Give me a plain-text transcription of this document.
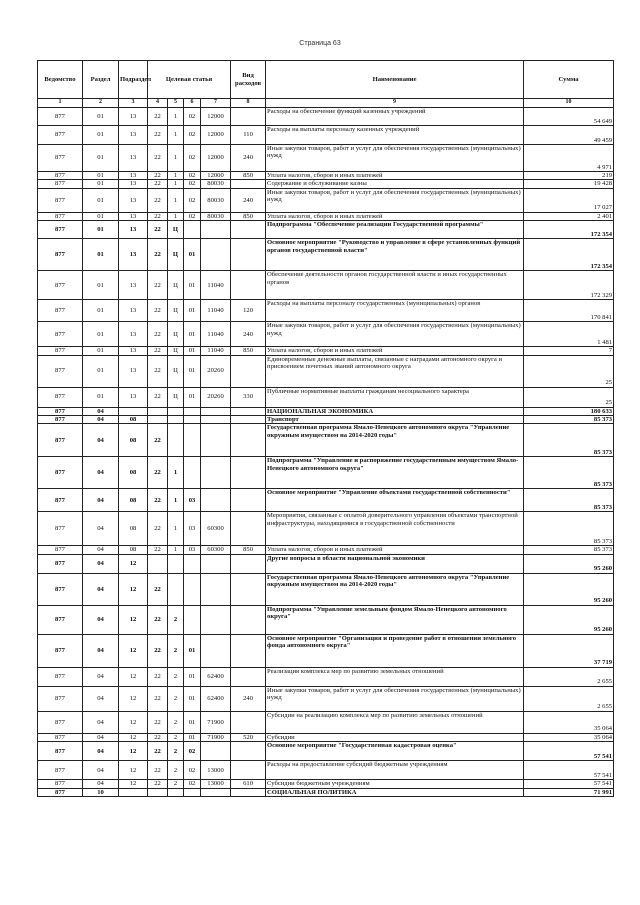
Страница 63
Ведомство	Раздел	Подраздел	Целевая статья				Вид расходов	Наименование	Сумма
1	2	3	4	5	6	7	8	9	10
877	01	13	22	1	02	12000		Расходы на обеспечение функций казенных учреждений	54 649
877	01	13	22	1	02	12000	110	Расходы на выплаты персоналу казенных учреждений	49 459
877	01	13	22	1	02	12000	240	Иные закупки товаров, работ и услуг для обеспечения государственных (муниципальных) нужд	4 971
877	01	13	22	1	02	12000	850	Уплата налогов, сборов и иных платежей	219
877	01	13	22	1	02	80030		Содержание и обслуживание казны	19 428
877	01	13	22	1	02	80030	240	Иные закупки товаров, работ и услуг для обеспечения государственных (муниципальных) нужд	17 027
877	01	13	22	1	02	80030	850	Уплата налогов, сборов и иных платежей	2 401
877	01	13	22	Ц				Подпрограмма "Обеспечение реализации Государственной программы"	172 354
877	01	13	22	Ц	01			Основное мероприятие "Руководство и управление в сфере установленных функций органов государственной власти"	172 354
877	01	13	22	Ц	01	11040		Обеспечение деятельности органов государственной власти и иных государственных органов	172 329
877	01	13	22	Ц	01	11040	120	Расходы на выплаты персоналу государственных (муниципальных) органов	170 841
877	01	13	22	Ц	01	11040	240	Иные закупки товаров, работ и услуг для обеспечения государственных (муниципальных) нужд	1 481
877	01	13	22	Ц	01	11040	850	Уплата налогов, сборов и иных платежей	7
877	01	13	22	Ц	01	20260		Единовременные денежные выплаты, связанные с наградами автономного округа и присвоением почетных званий автономного округа	25
877	01	13	22	Ц	01	20260	330	Публичные нормативные выплаты гражданам несоциального характера	25
877	04							НАЦИОНАЛЬНАЯ ЭКОНОМИКА	180 633
877	04	08						Транспорт	85 373
877	04	08	22					Государственная программа Ямало-Ненецкого автономного округа "Управление окружным имуществом на 2014-2020 годы"	85 373
877	04	08	22	1				Подпрограмма "Управление и распоряжение государственным имуществом Ямало-Ненецкого автономного округа"	85 373
877	04	08	22	1	03			Основное мероприятие "Управление объектами государственной собственности"	85 373
877	04	08	22	1	03	60300		Мероприятия, связанные с оплатой доверительного управления объектами транспортной инфраструктуры, находящимися в государственной собственности	85 373
877	04	08	22	1	03	60300	850	Уплата налогов, сборов и иных платежей	85 373
877	04	12						Другие вопросы в области национальной экономики	95 260
877	04	12	22					Государственная программа Ямало-Ненецкого автономного округа "Управление окружным имуществом на 2014-2020 годы"	95 260
877	04	12	22	2				Подпрограмма "Управление земельным фондом Ямало-Ненецкого автономного округа"	95 260
877	04	12	22	2	01			Основное мероприятие "Организация и проведение работ в отношении земельного фонда автономного округа"	37 719
877	04	12	22	2	01	62400		Реализация комплекса мер по развитию земельных отношений	2 655
877	04	12	22	2	01	62400	240	Иные закупки товаров, работ и услуг для обеспечения государственных (муниципальных) нужд	2 655
877	04	12	22	2	01	71900		Субсидии на реализацию комплекса мер по развитию земельных отношений	35 064
877	04	12	22	2	01	71900	520	Субсидии	35 064
877	04	12	22	2	02			Основное мероприятие "Государственная кадастровая оценка"	57 541
877	04	12	22	2	02	13000		Расходы на предоставление субсидий бюджетным учреждениям	57 541
877	04	12	22	2	02	13000	610	Субсидии бюджетным учреждениям	57 541
877	10							СОЦИАЛЬНАЯ ПОЛИТИКА	71 991
